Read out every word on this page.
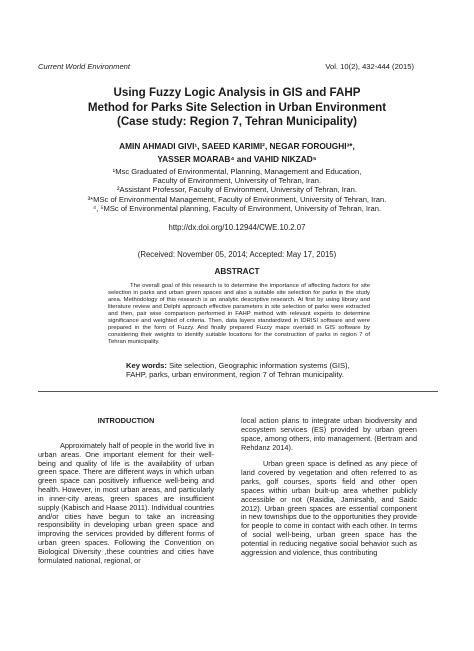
Current World Environment	Vol. 10(2), 432-444 (2015)
Using Fuzzy Logic Analysis in GIS and FAHP
Method for Parks Site Selection in Urban Environment
(Case study: Region 7, Tehran Municipality)
AMIN AHMADI GIVI¹, SAEED KARIMI², NEGAR FOROUGHI³*,
YASSER MOARAB⁴ and VAHID NIKZAD⁵
¹Msc Graduated of Environmental, Planning, Management and Education,
Faculty of Environment, University of Tehran, Iran.
²Assistant Professor, Faculty of Environment, University of Tehran, Iran.
³*MSc of Environmental Management, Faculty of Environment, University of Tehran, Iran.
⁴, ⁵MSc of Environmental planning, Faculty of Environment, University of Tehran, Iran.
http://dx.doi.org/10.12944/CWE.10.2.07
(Received: November 05, 2014; Accepted: May 17, 2015)
ABSTRACT
The overall goal of this research is to determine the importance of affecting factors for site selection in parks and urban green spaces and also a suitable site selection for parks in the study area. Methodology of this research is an analytic descriptive research. At first by using library and literature review and Delphi approach effective parameters in site selection of parks were extracted and then, pair wise comparison performed in FAHP method with relevant experts to determine significance and weighted of criteria. Then, data layers standardized in IDRISI software and were prepared in the form of Fuzzy. And finally prepared Fuzzy maps overlaid in GIS software by considering their weights to identify suitable locations for the construction of parks in region 7 of Tehran municipality.
Key words: Site selection, Geographic information systems (GIS), FAHP, parks, urban environment, region 7 of Tehran municipality.
INTRODUCTION

Approximately half of people in the world live in urban areas. One important element for their well-being and quality of life is the availability of urban green space. There are different ways in which urban green space can positively influence well-being and health. However, in most urban areas, and particularly in inner-city areas, green spaces are insufficient supply (Kabisch and Haase 2011). Individual countries and/or cities have begun to take an increasing responsibility in developing urban green space and improving the services provided by different forms of urban green spaces. Following the Convention on Biological Diversity ,these countries and cities have formulated national, regional, or

local action plans to integrate urban biodiversity and ecosystem services (ES) provided by urban green space, among others, into management. (Bertram and Rehdanz 2014).

Urban green space is defined as any piece of land covered by vegetation and often referred to as parks, golf courses, sports field and other open spaces within urban built-up area whether publicly accessible or not (Rasidia, Jamirsahb, and Saidc 2012). Urban green spaces are essential component in new townships due to the opportunities they provide for people to come in contact with each other. In terms of social well-being, urban green space has the potential in reducing negative social behavior such as aggression and violence, thus contributing
